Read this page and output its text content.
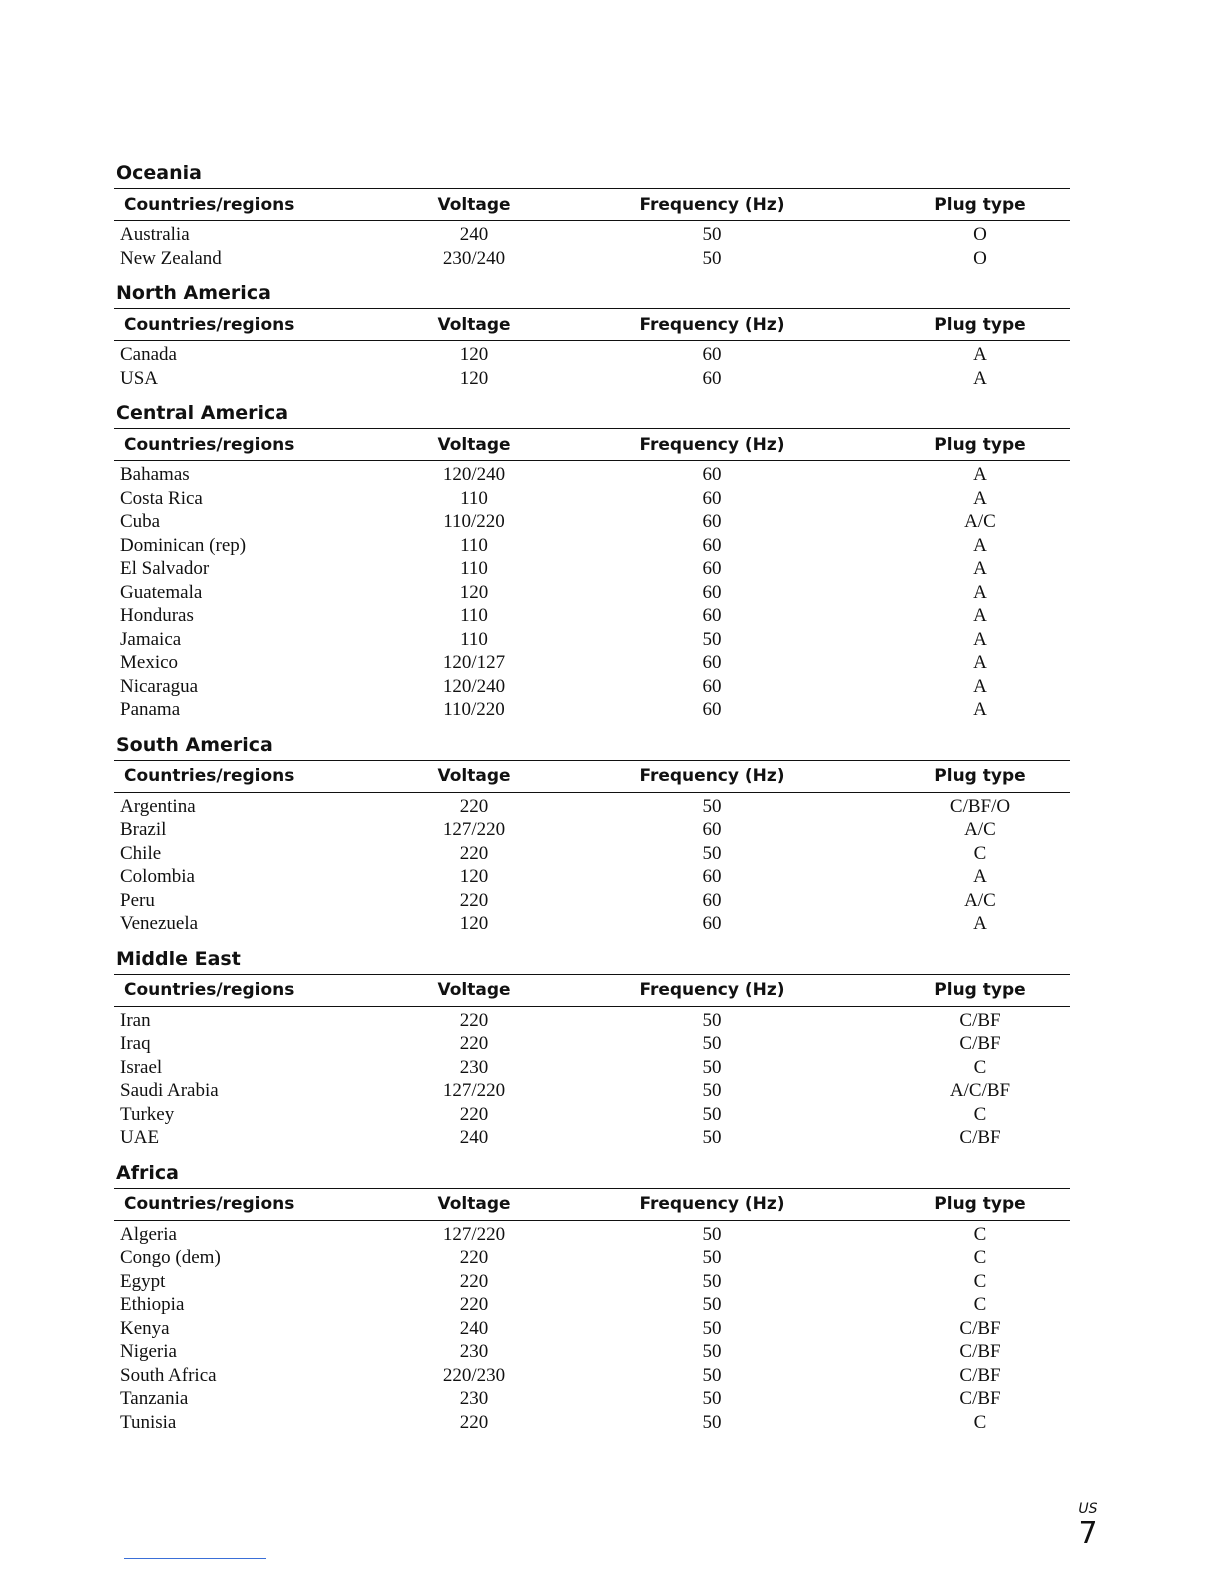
Oceania
Countries/regions	Voltage	Frequency (Hz)	Plug type
Australia	240	50	O
New Zealand	230/240	50	O
North America
Countries/regions	Voltage	Frequency (Hz)	Plug type
Canada	120	60	A
USA	120	60	A
Central America
Countries/regions	Voltage	Frequency (Hz)	Plug type
Bahamas	120/240	60	A
Costa Rica	110	60	A
Cuba	110/220	60	A/C
Dominican (rep)	110	60	A
El Salvador	110	60	A
Guatemala	120	60	A
Honduras	110	60	A
Jamaica	110	50	A
Mexico	120/127	60	A
Nicaragua	120/240	60	A
Panama	110/220	60	A
South America
Countries/regions	Voltage	Frequency (Hz)	Plug type
Argentina	220	50	C/BF/O
Brazil	127/220	60	A/C
Chile	220	50	C
Colombia	120	60	A
Peru	220	60	A/C
Venezuela	120	60	A
Middle East
Countries/regions	Voltage	Frequency (Hz)	Plug type
Iran	220	50	C/BF
Iraq	220	50	C/BF
Israel	230	50	C
Saudi Arabia	127/220	50	A/C/BF
Turkey	220	50	C
UAE	240	50	C/BF
Africa
Countries/regions	Voltage	Frequency (Hz)	Plug type
Algeria	127/220	50	C
Congo (dem)	220	50	C
Egypt	220	50	C
Ethiopia	220	50	C
Kenya	240	50	C/BF
Nigeria	230	50	C/BF
South Africa	220/230	50	C/BF
Tanzania	230	50	C/BF
Tunisia	220	50	C
US
7
